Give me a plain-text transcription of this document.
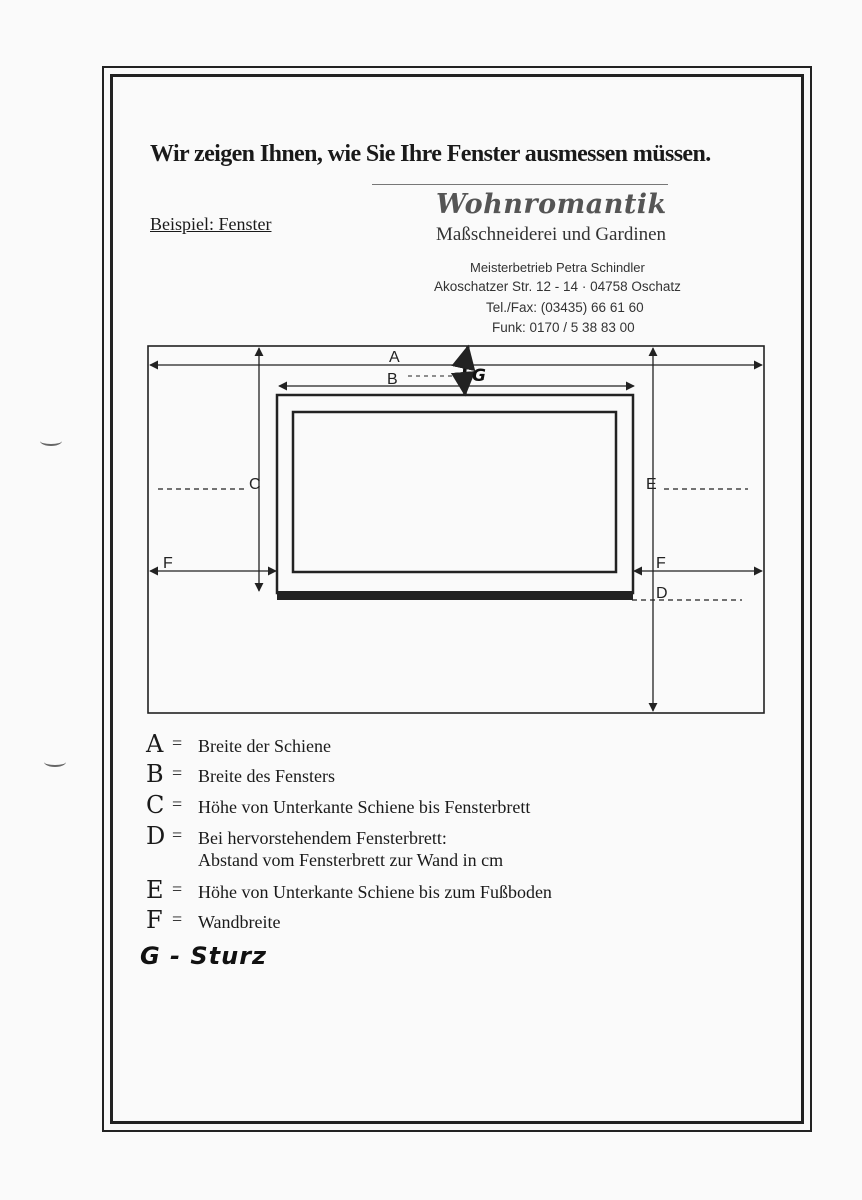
Wir zeigen Ihnen, wie Sie Ihre Fenster ausmessen müssen.
Beispiel: Fenster
Wohnromantik
Maßschneiderei und Gardinen
Meisterbetrieb Petra Schindler
Akoschatzer Str. 12 - 14 · 04758 Oschatz
Tel./Fax: (03435) 66 61 60
Funk: 0170 / 5 38 83 00
A
B
C	E
F	F
D
G
A = Breite der Schiene
B = Breite des Fensters
C = Höhe von Unterkante Schiene bis Fensterbrett
D = Bei hervorstehendem Fensterbrett:
Abstand vom Fensterbrett zur Wand in cm
E = Höhe von Unterkante Schiene bis zum Fußboden
F = Wandbreite
G - Sturz
